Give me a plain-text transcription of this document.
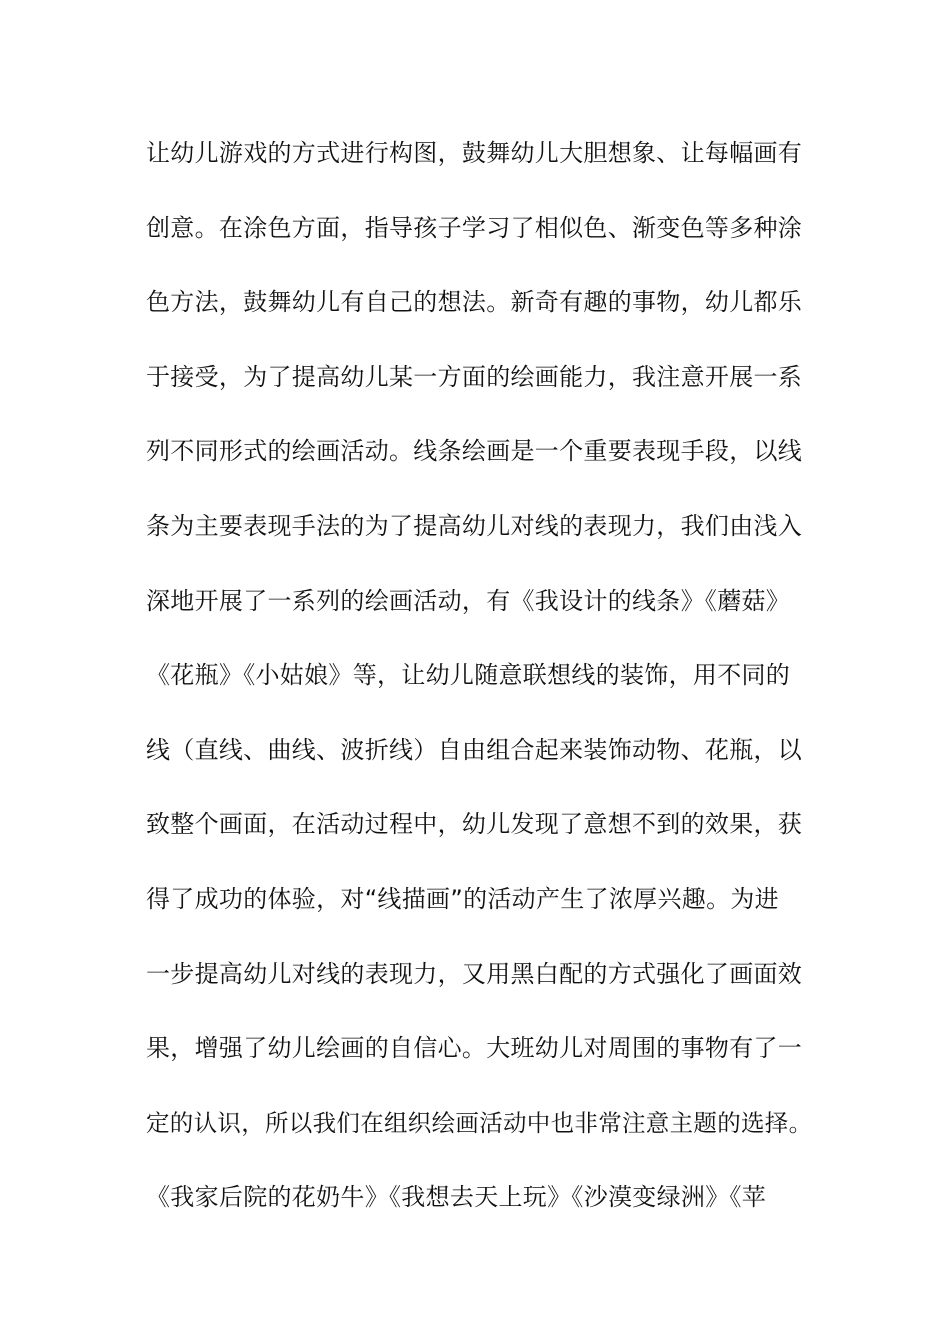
让幼儿游戏的方式进行构图，鼓舞幼儿大胆想象、让每幅画有
创意。在涂色方面，指导孩子学习了相似色、渐变色等多种涂
色方法，鼓舞幼儿有自己的想法。新奇有趣的事物，幼儿都乐
于接受，为了提高幼儿某一方面的绘画能力，我注意开展一系
列不同形式的绘画活动。线条绘画是一个重要表现手段，以线
条为主要表现手法的为了提高幼儿对线的表现力，我们由浅入
深地开展了一系列的绘画活动，有《我设计的线条》《蘑菇》
《花瓶》《小姑娘》等，让幼儿随意联想线的装饰，用不同的
线（直线、曲线、波折线）自由组合起来装饰动物、花瓶，以
致整个画面，在活动过程中，幼儿发现了意想不到的效果，获
得了成功的体验，对“线描画”的活动产生了浓厚兴趣。为进
一步提高幼儿对线的表现力，又用黑白配的方式强化了画面效
果，增强了幼儿绘画的自信心。大班幼儿对周围的事物有了一
定的认识，所以我们在组织绘画活动中也非常注意主题的选择。
《我家后院的花奶牛》《我想去天上玩》《沙漠变绿洲》《苹
